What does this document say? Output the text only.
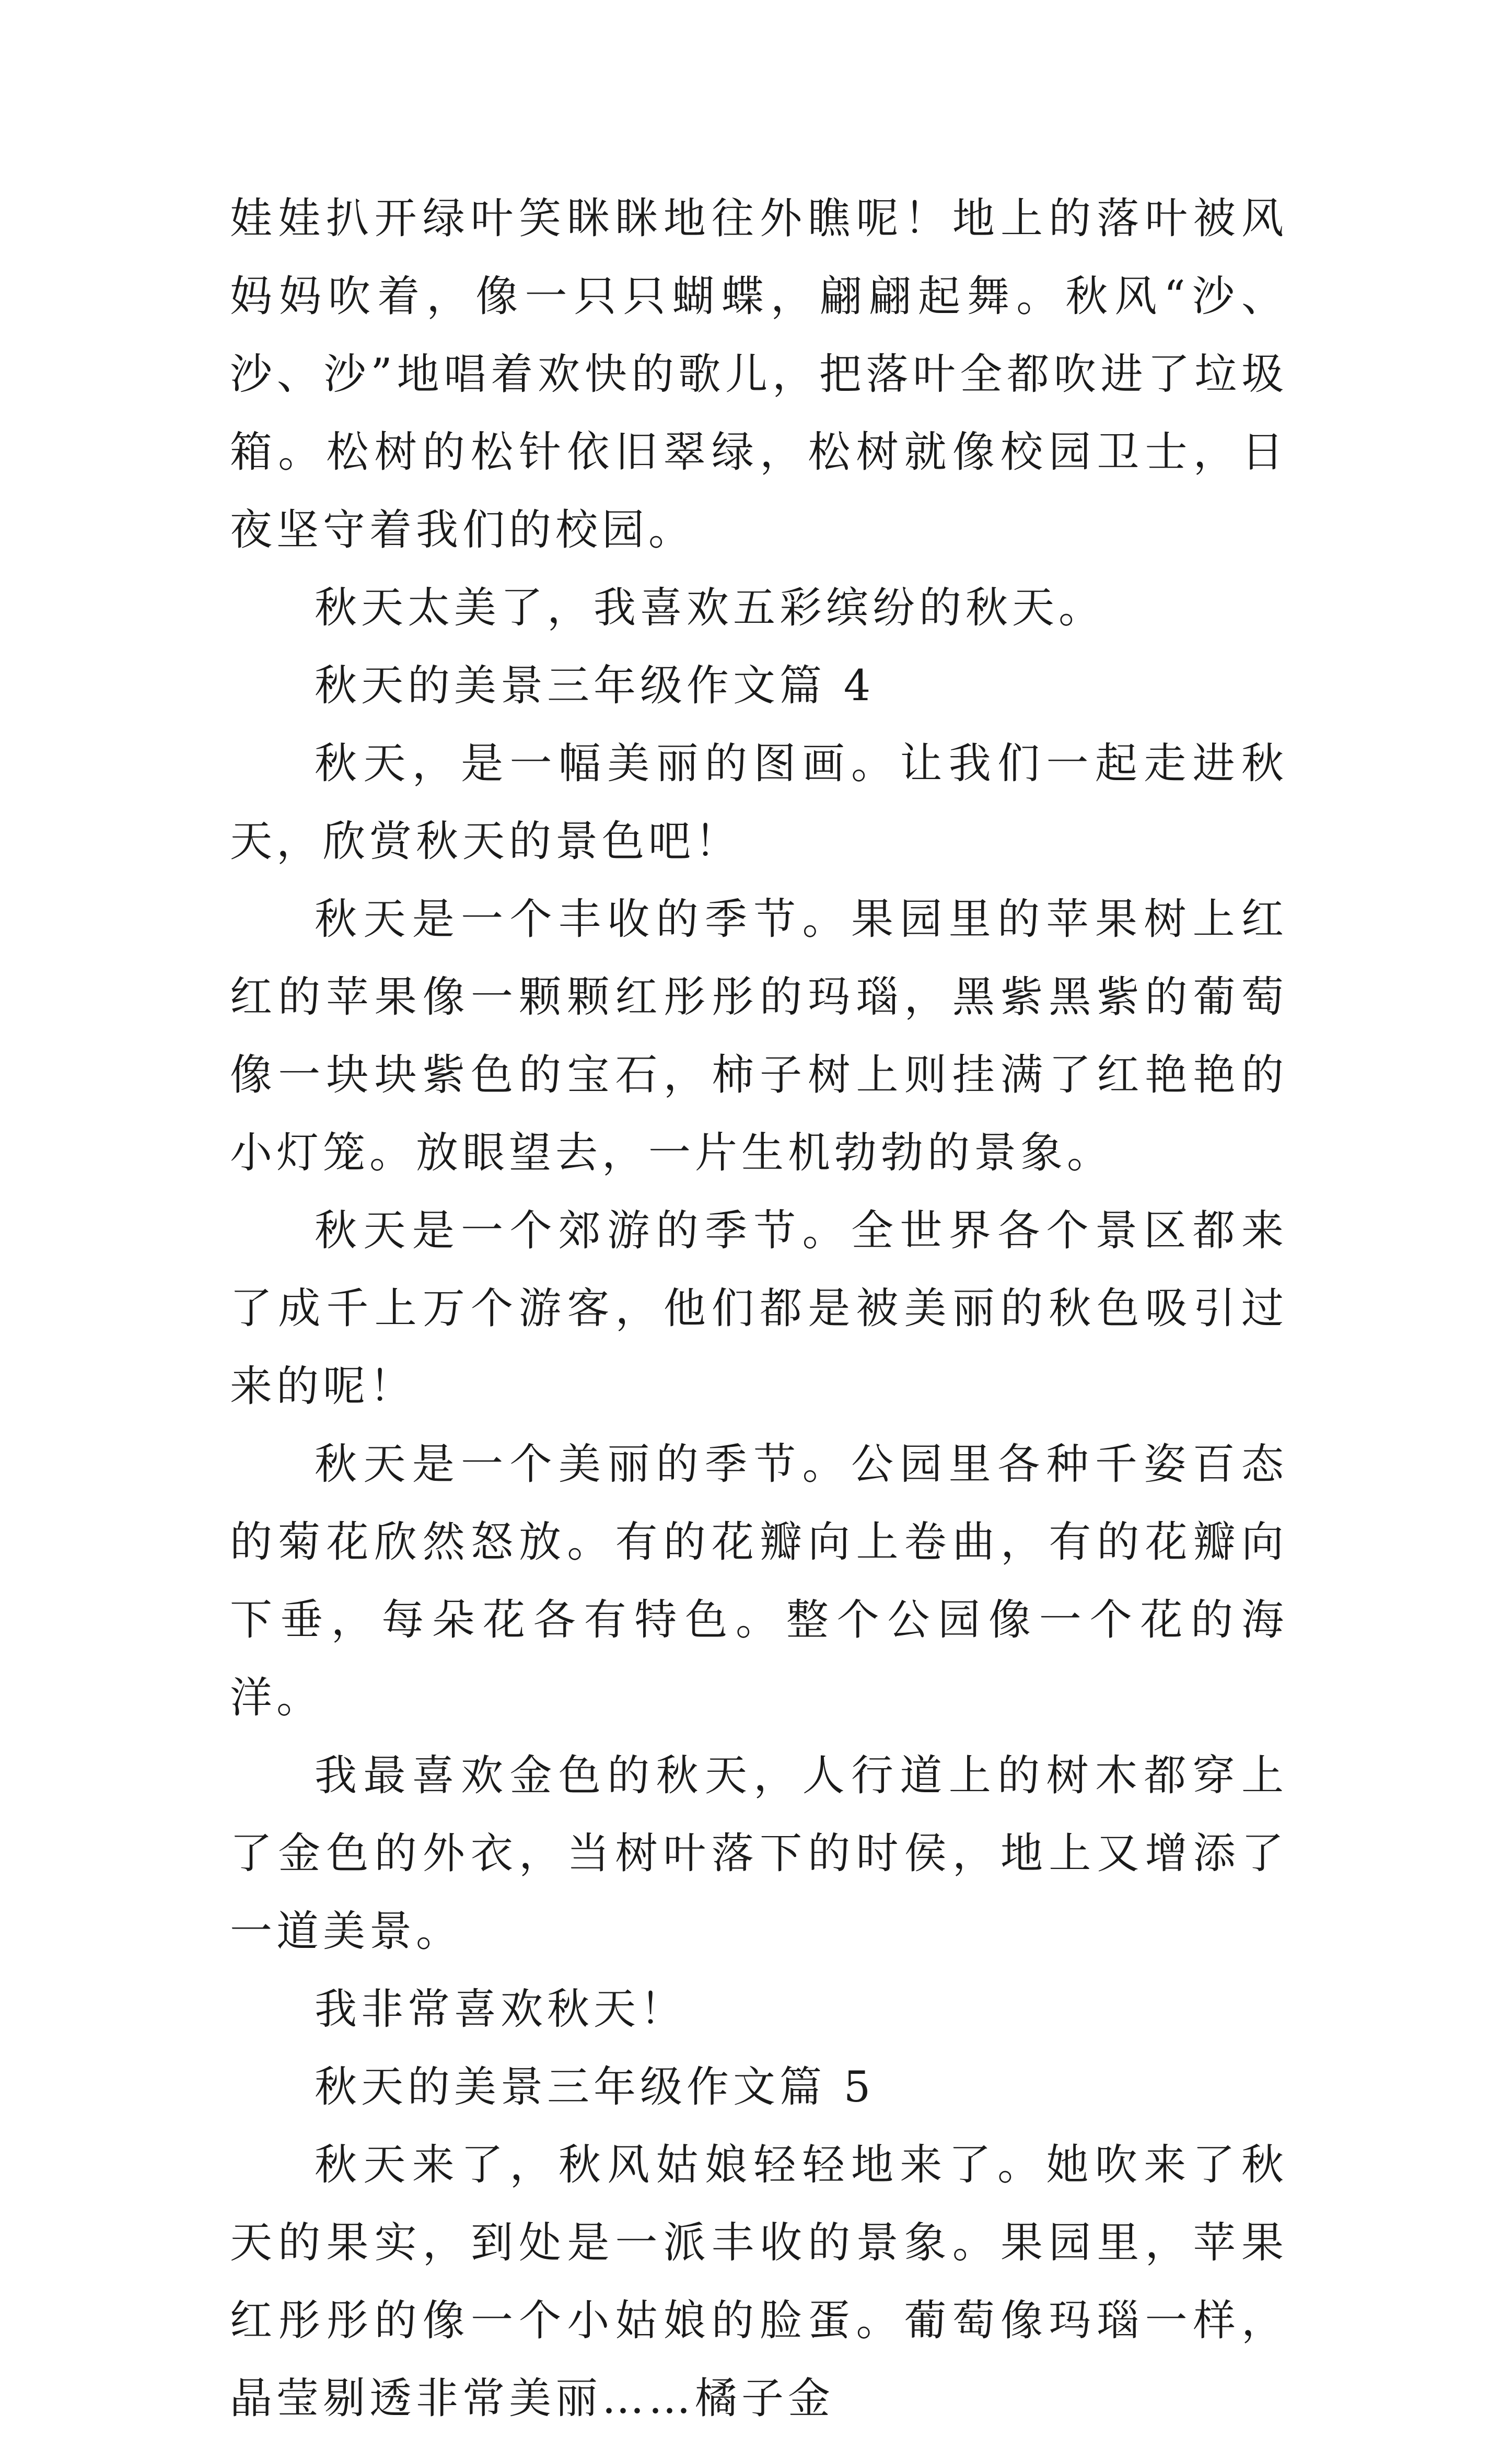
娃娃扒开绿叶笑眯眯地往外瞧呢！地上的落叶被风妈妈吹着，像一只只蝴蝶，翩翩起舞。秋风“沙、沙、沙”地唱着欢快的歌儿，把落叶全都吹进了垃圾箱。松树的松针依旧翠绿，松树就像校园卫士，日夜坚守着我们的校园。

秋天太美了，我喜欢五彩缤纷的秋天。

秋天的美景三年级作文篇 4

秋天，是一幅美丽的图画。让我们一起走进秋天，欣赏秋天的景色吧！

秋天是一个丰收的季节。果园里的苹果树上红红的苹果像一颗颗红彤彤的玛瑙，黑紫黑紫的葡萄像一块块紫色的宝石，柿子树上则挂满了红艳艳的小灯笼。放眼望去，一片生机勃勃的景象。

秋天是一个郊游的季节。全世界各个景区都来了成千上万个游客，他们都是被美丽的秋色吸引过来的呢！

秋天是一个美丽的季节。公园里各种千姿百态的菊花欣然怒放。有的花瓣向上卷曲，有的花瓣向下垂，每朵花各有特色。整个公园像一个花的海洋。

我最喜欢金色的秋天，人行道上的树木都穿上了金色的外衣，当树叶落下的时侯，地上又增添了一道美景。

我非常喜欢秋天！

秋天的美景三年级作文篇 5

秋天来了，秋风姑娘轻轻地来了。她吹来了秋天的果实，到处是一派丰收的景象。果园里，苹果红彤彤的像一个小姑娘的脸蛋。葡萄像玛瑙一样，晶莹剔透非常美丽……橘子金
